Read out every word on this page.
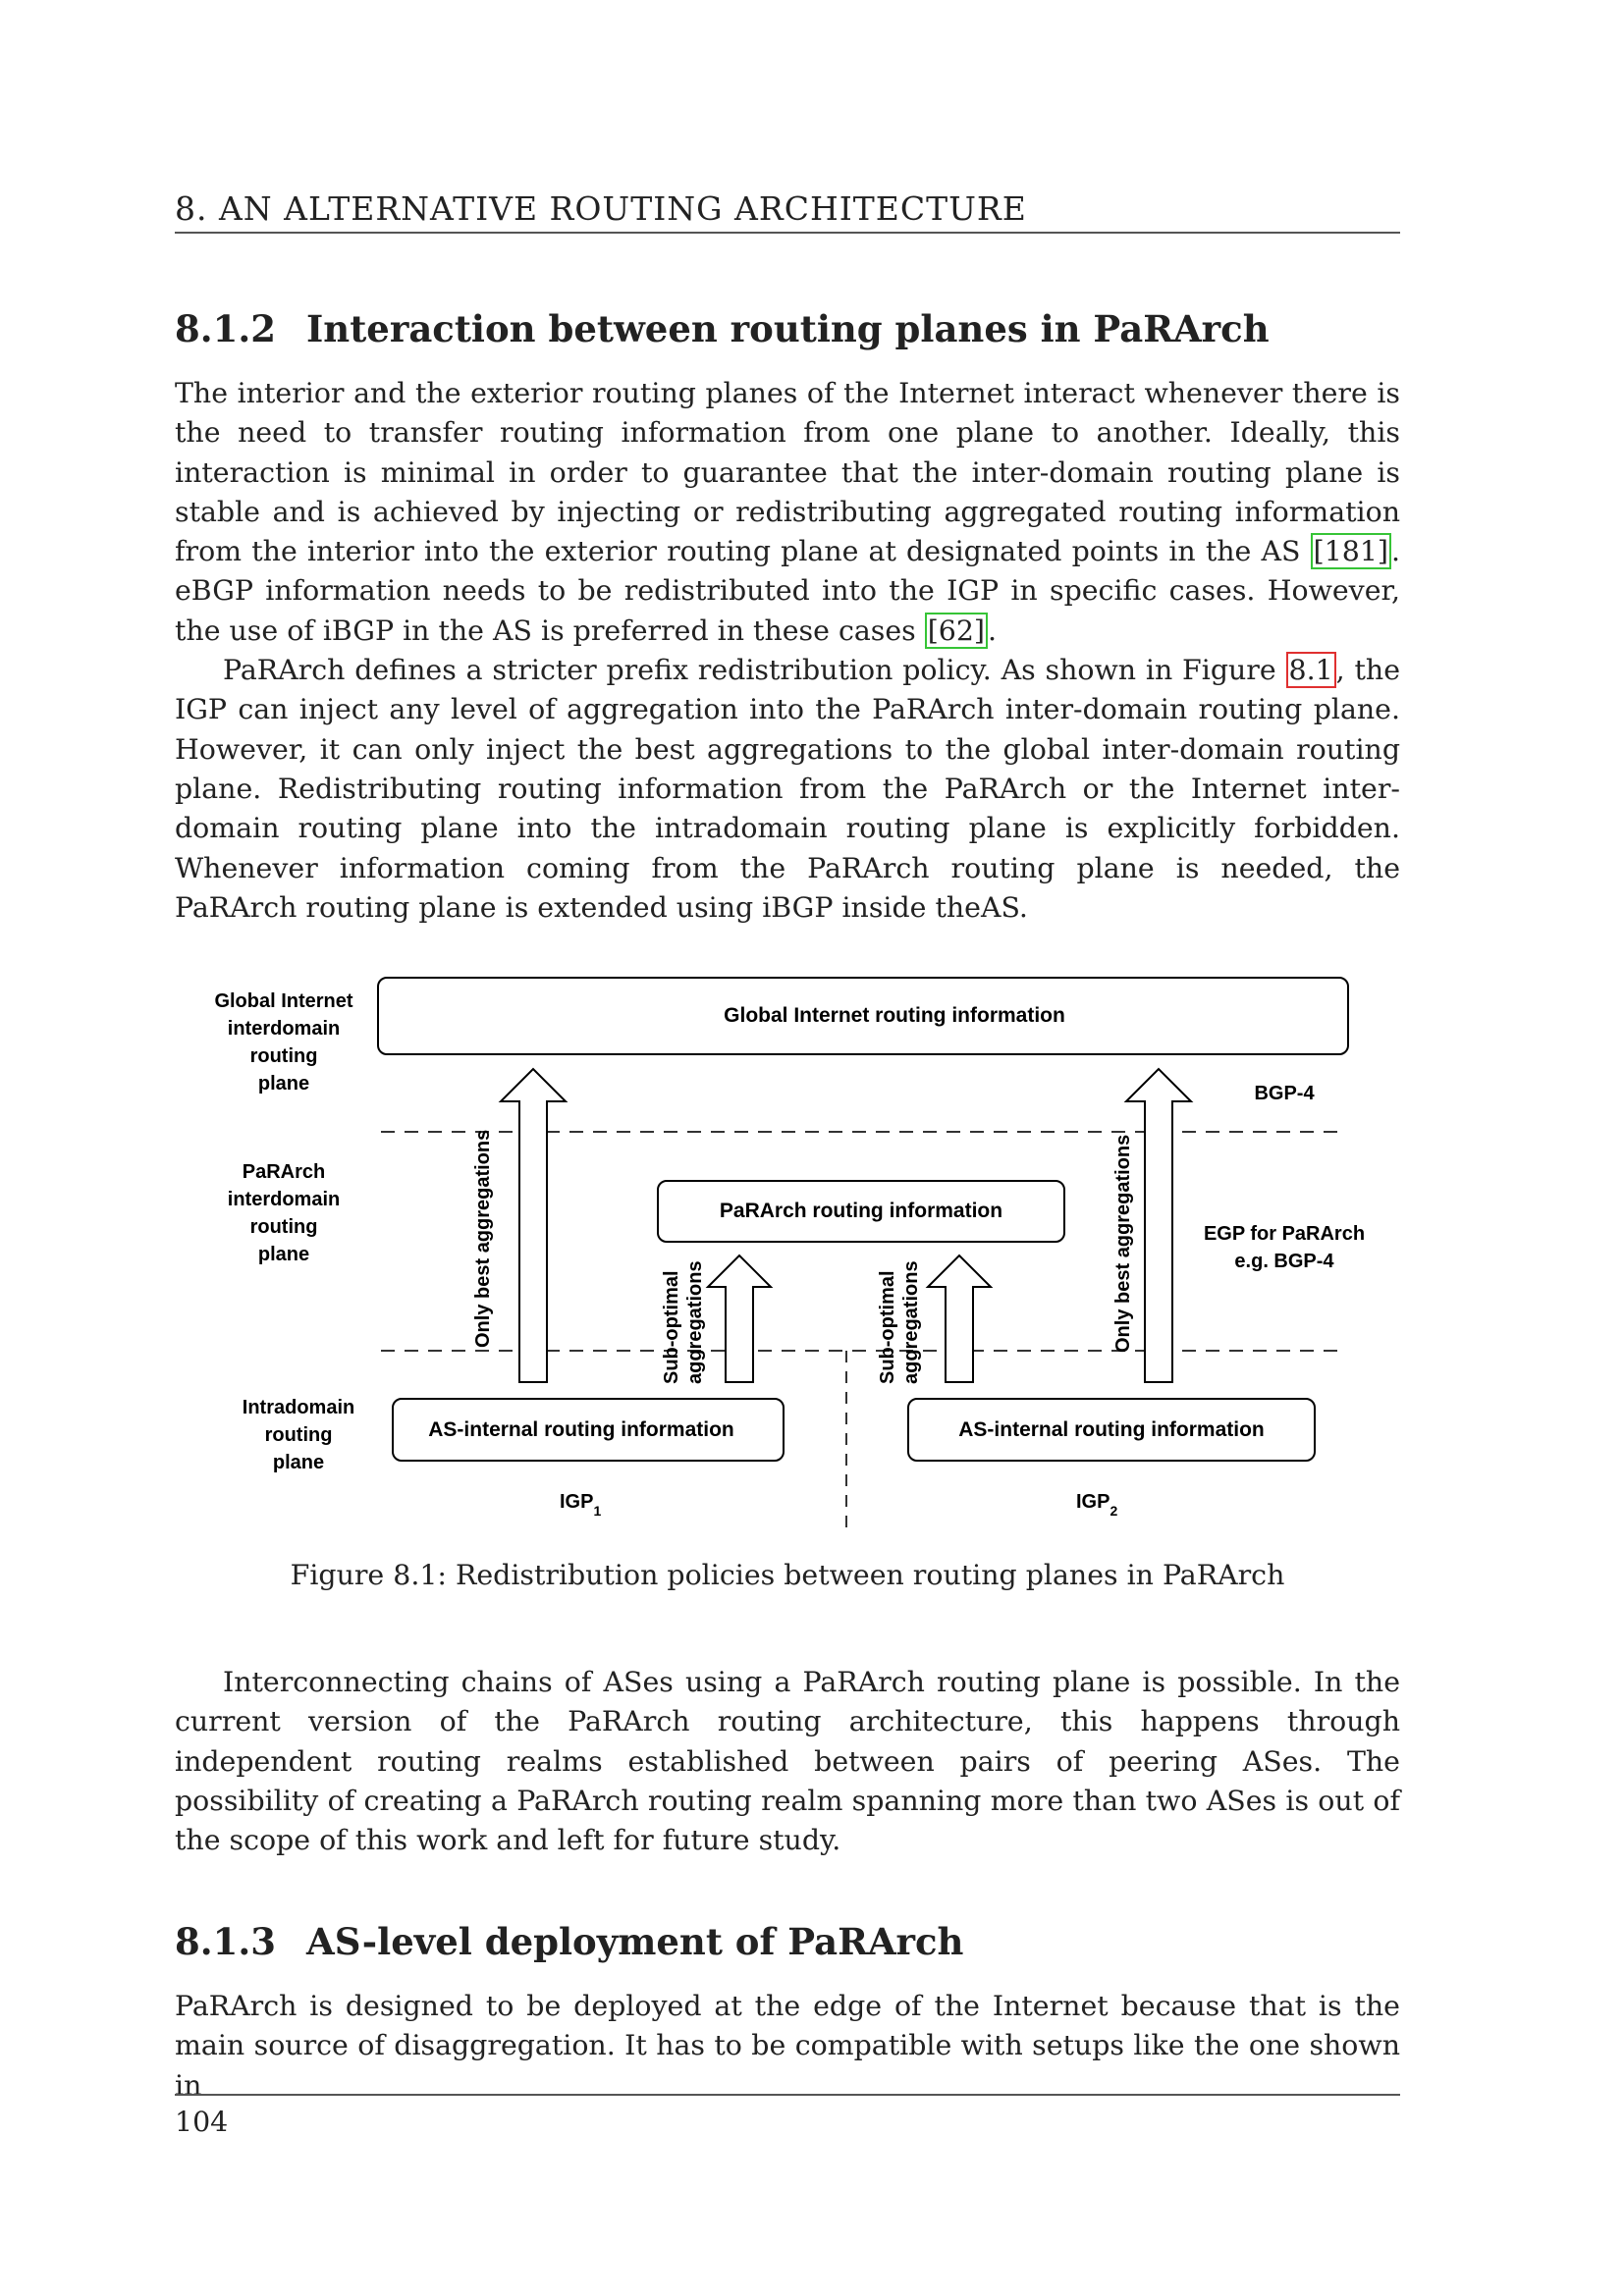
8. AN ALTERNATIVE ROUTING ARCHITECTURE
8.1.2 Interaction between routing planes in PaRArch

The interior and the exterior routing planes of the Internet interact whenever there is the need to transfer routing information from one plane to another. Ideally, this interaction is minimal in order to guarantee that the inter-domain routing plane is stable and is achieved by injecting or redistributing aggregated routing information from the interior into the exterior routing plane at designated points in the AS [181] . eBGP information needs to be redistributed into the IGP in specific cases. However, the use of iBGP in the AS is preferred in these cases [62] .

PaRArch defines a stricter prefix redistribution policy. As shown in Figure 8.1 , the IGP can inject any level of aggregation into the PaRArch inter-domain routing plane. However, it can only inject the best aggregations to the global inter-domain routing plane. Redistributing routing information from the PaRArch or the Internet inter-domain routing plane into the intradomain routing plane is explicitly forbidden. Whenever information coming from the PaRArch routing plane is needed, the PaRArch routing plane is extended using iBGP inside theAS.

Global Internet
interdomain
routing
plane
PaRArch
interdomain
routing
plane
Intradomain
routing
plane
Global Internet routing information
PaRArch routing information
AS-internal routing information	AS-internal routing information
Only best aggregations	Only best aggregations
Sub-optimal aggregations	Sub-optimal aggregations
BGP-4
EGP for PaRArch
e.g. BGP-4
$IGP_1$	$IGP_2$
Figure 8.1: Redistribution policies between routing planes in PaRArch

Interconnecting chains of ASes using a PaRArch routing plane is possible. In the current version of the PaRArch routing architecture, this happens through independent routing realms established between pairs of peering ASes. The possibility of creating a PaRArch routing realm spanning more than two ASes is out of the scope of this work and left for future study.

8.1.3 AS-level deployment of PaRArch

PaRArch is designed to be deployed at the edge of the Internet because that is the main source of disaggregation. It has to be compatible with setups like the one shown in

104
